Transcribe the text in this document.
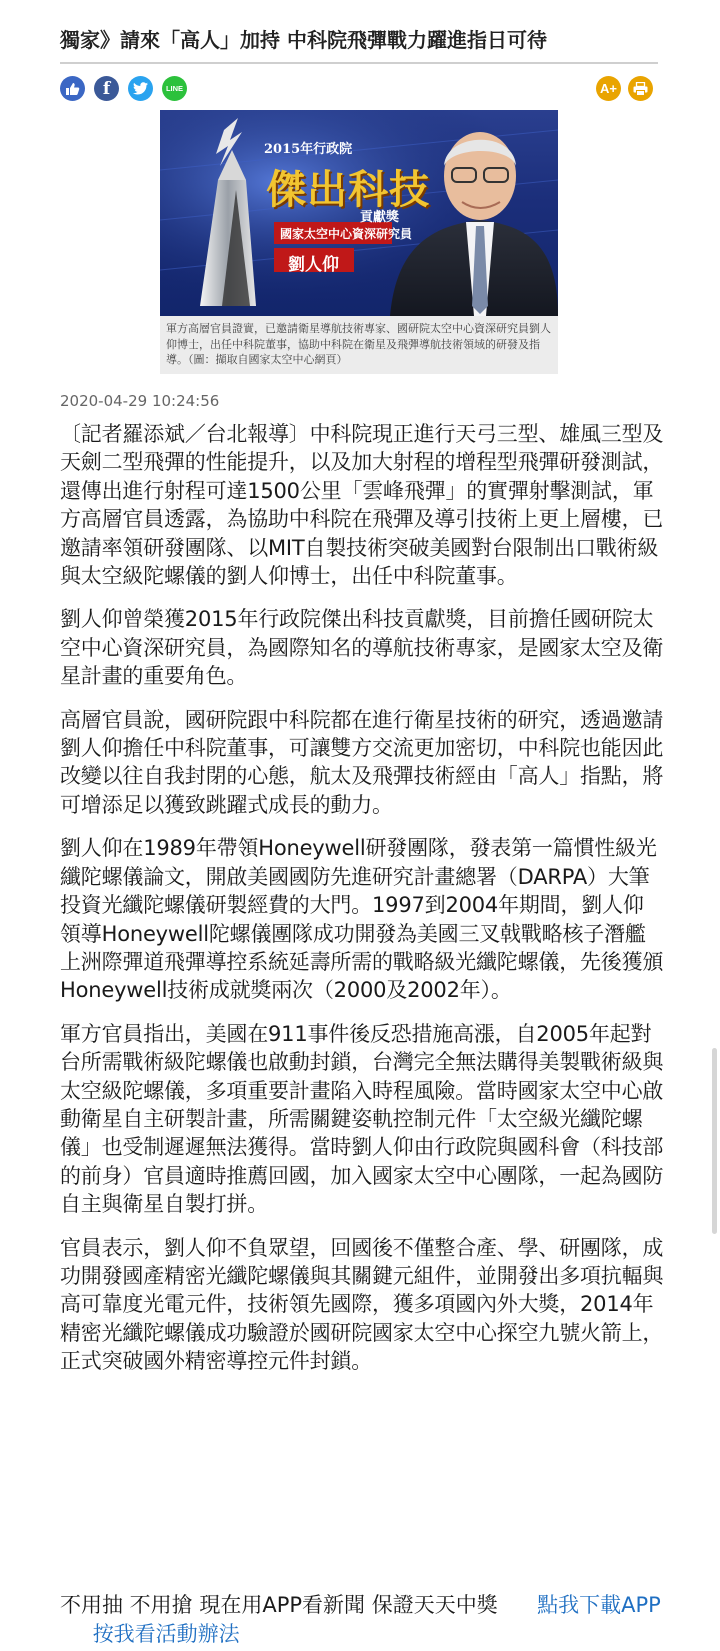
獨家》請來「高人」加持 中科院飛彈戰力躍進指日可待
f	LINE	A+
2015年行政院
傑出科技
貢獻獎
國家太空中心資深研究員
劉人仰
軍方高層官員證實，已邀請衛星導航技術專家、國研院太空中心資深研究員劉人仰博士，出任中科院董事，協助中科院在衛星及飛彈導航技術領域的研發及指導。（圖：擷取自國家太空中心網頁）
2020-04-29 10:24:56

〔記者羅添斌／台北報導〕中科院現正進行天弓三型、雄風三型及天劍二型飛彈的性能提升，以及加大射程的增程型飛彈研發測試，還傳出進行射程可達1500公里「雲峰飛彈」的實彈射擊測試，軍方高層官員透露，為協助中科院在飛彈及導引技術上更上層樓，已邀請率領研發團隊、以MIT自製技術突破美國對台限制出口戰術級與太空級陀螺儀的劉人仰博士，出任中科院董事。

劉人仰曾榮獲2015年行政院傑出科技貢獻獎，目前擔任國研院太空中心資深研究員，為國際知名的導航技術專家，是國家太空及衛星計畫的重要角色。

高層官員說，國研院跟中科院都在進行衛星技術的研究，透過邀請劉人仰擔任中科院董事，可讓雙方交流更加密切，中科院也能因此改變以往自我封閉的心態，航太及飛彈技術經由「高人」指點，將可增添足以獲致跳躍式成長的動力。

劉人仰在1989年帶領Honeywell研發團隊，發表第一篇慣性級光纖陀螺儀論文，開啟美國國防先進研究計畫總署（DARPA）大筆投資光纖陀螺儀研製經費的大門。1997到2004年期間，劉人仰領導Honeywell陀螺儀團隊成功開發為美國三叉戟戰略核子潛艦上洲際彈道飛彈導控系統延壽所需的戰略級光纖陀螺儀，先後獲頒Honeywell技術成就獎兩次（2000及2002年）。

軍方官員指出，美國在911事件後反恐措施高漲，自2005年起對台所需戰術級陀螺儀也啟動封鎖，台灣完全無法購得美製戰術級與太空級陀螺儀，多項重要計畫陷入時程風險。當時國家太空中心啟動衛星自主研製計畫，所需關鍵姿軌控制元件「太空級光纖陀螺儀」也受制遲遲無法獲得。當時劉人仰由行政院與國科會（科技部的前身）官員適時推薦回國，加入國家太空中心團隊，一起為國防自主與衛星自製打拼。

官員表示，劉人仰不負眾望，回國後不僅整合產、學、研團隊，成功開發國產精密光纖陀螺儀與其關鍵元組件，並開發出多項抗輻與高可靠度光電元件，技術領先國際，獲多項國內外大獎，2014年精密光纖陀螺儀成功驗證於國研院國家太空中心探空九號火箭上，正式突破國外精密導控元件封鎖。

不用抽 不用搶 現在用APP看新聞 保證天天中獎 點我下載APP  按我看活動辦法
